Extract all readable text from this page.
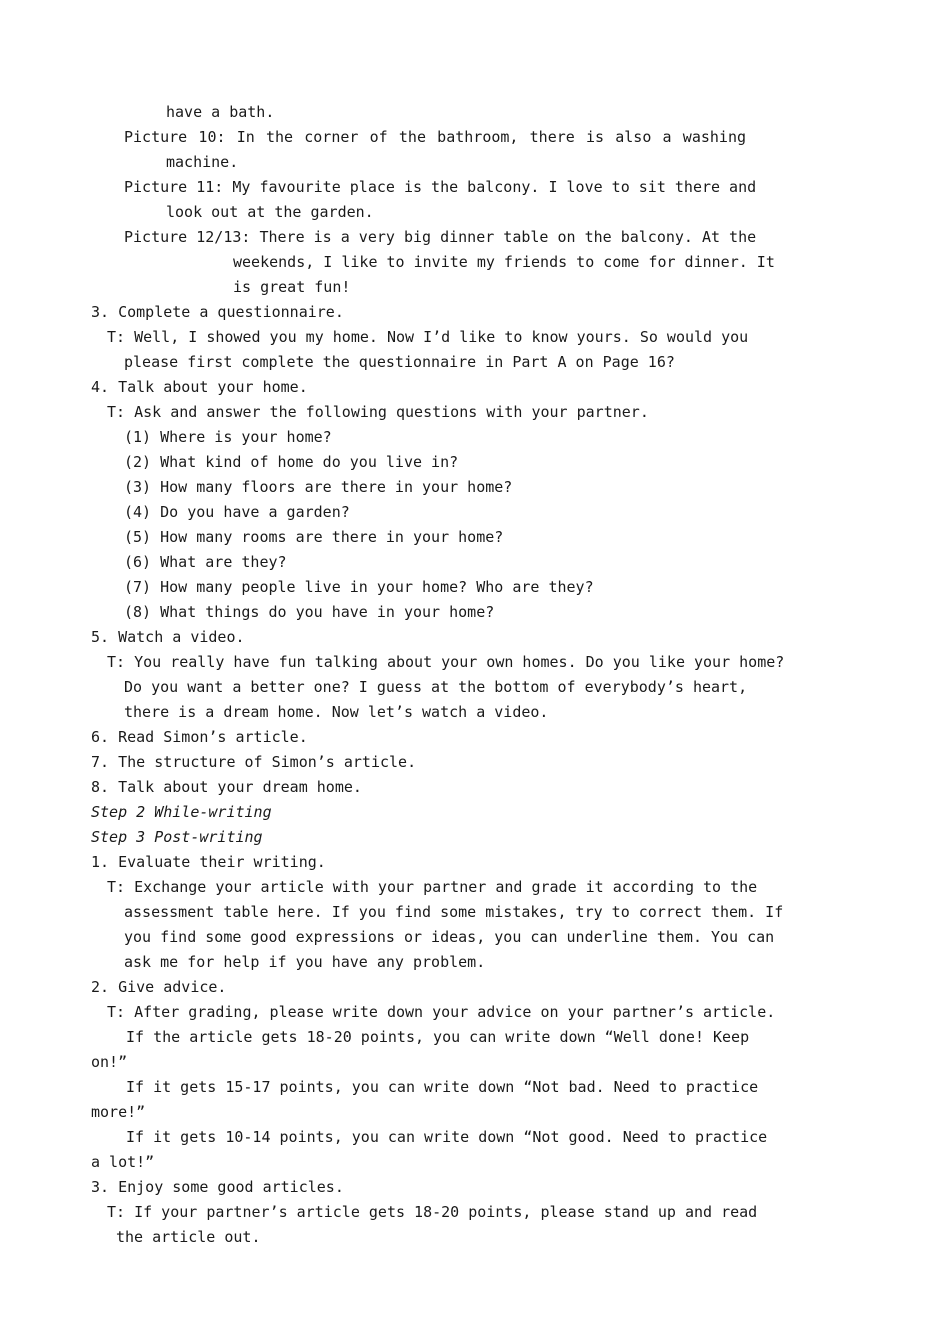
have a bath.
Picture 10: In the corner of the bathroom, there is also a washing
machine.
Picture 11: My favourite place is the balcony. I love to sit there and
look out at the garden.
Picture 12/13: There is a very big dinner table on the balcony. At the
weekends, I like to invite my friends to come for dinner. It
is great fun!
3. Complete a questionnaire.
T: Well, I showed you my home. Now I’d like to know yours. So would you
please first complete the questionnaire in Part A on Page 16?
4. Talk about your home.
T: Ask and answer the following questions with your partner.
(1) Where is your home?
(2) What kind of home do you live in?
(3) How many floors are there in your home?
(4) Do you have a garden?
(5) How many rooms are there in your home?
(6) What are they?
(7) How many people live in your home? Who are they?
(8) What things do you have in your home?
5. Watch a video.
T: You really have fun talking about your own homes. Do you like your home?
Do you want a better one? I guess at the bottom of everybody’s heart,
there is a dream home. Now let’s watch a video.
6. Read Simon’s article.
7. The structure of Simon’s article.
8. Talk about your dream home.
Step 2 While-writing
Step 3 Post-writing
1. Evaluate their writing.
T: Exchange your article with your partner and grade it according to the
assessment table here. If you find some mistakes, try to correct them. If
you find some good expressions or ideas, you can underline them. You can
ask me for help if you have any problem.
2. Give advice.
T: After grading, please write down your advice on your partner’s article.
If the article gets 18-20 points, you can write down “Well done! Keep
on!”
If it gets 15-17 points, you can write down “Not bad. Need to practice
more!”
If it gets 10-14 points, you can write down “Not good. Need to practice
a lot!”
3. Enjoy some good articles.
T: If your partner’s article gets 18-20 points, please stand up and read
the article out.
